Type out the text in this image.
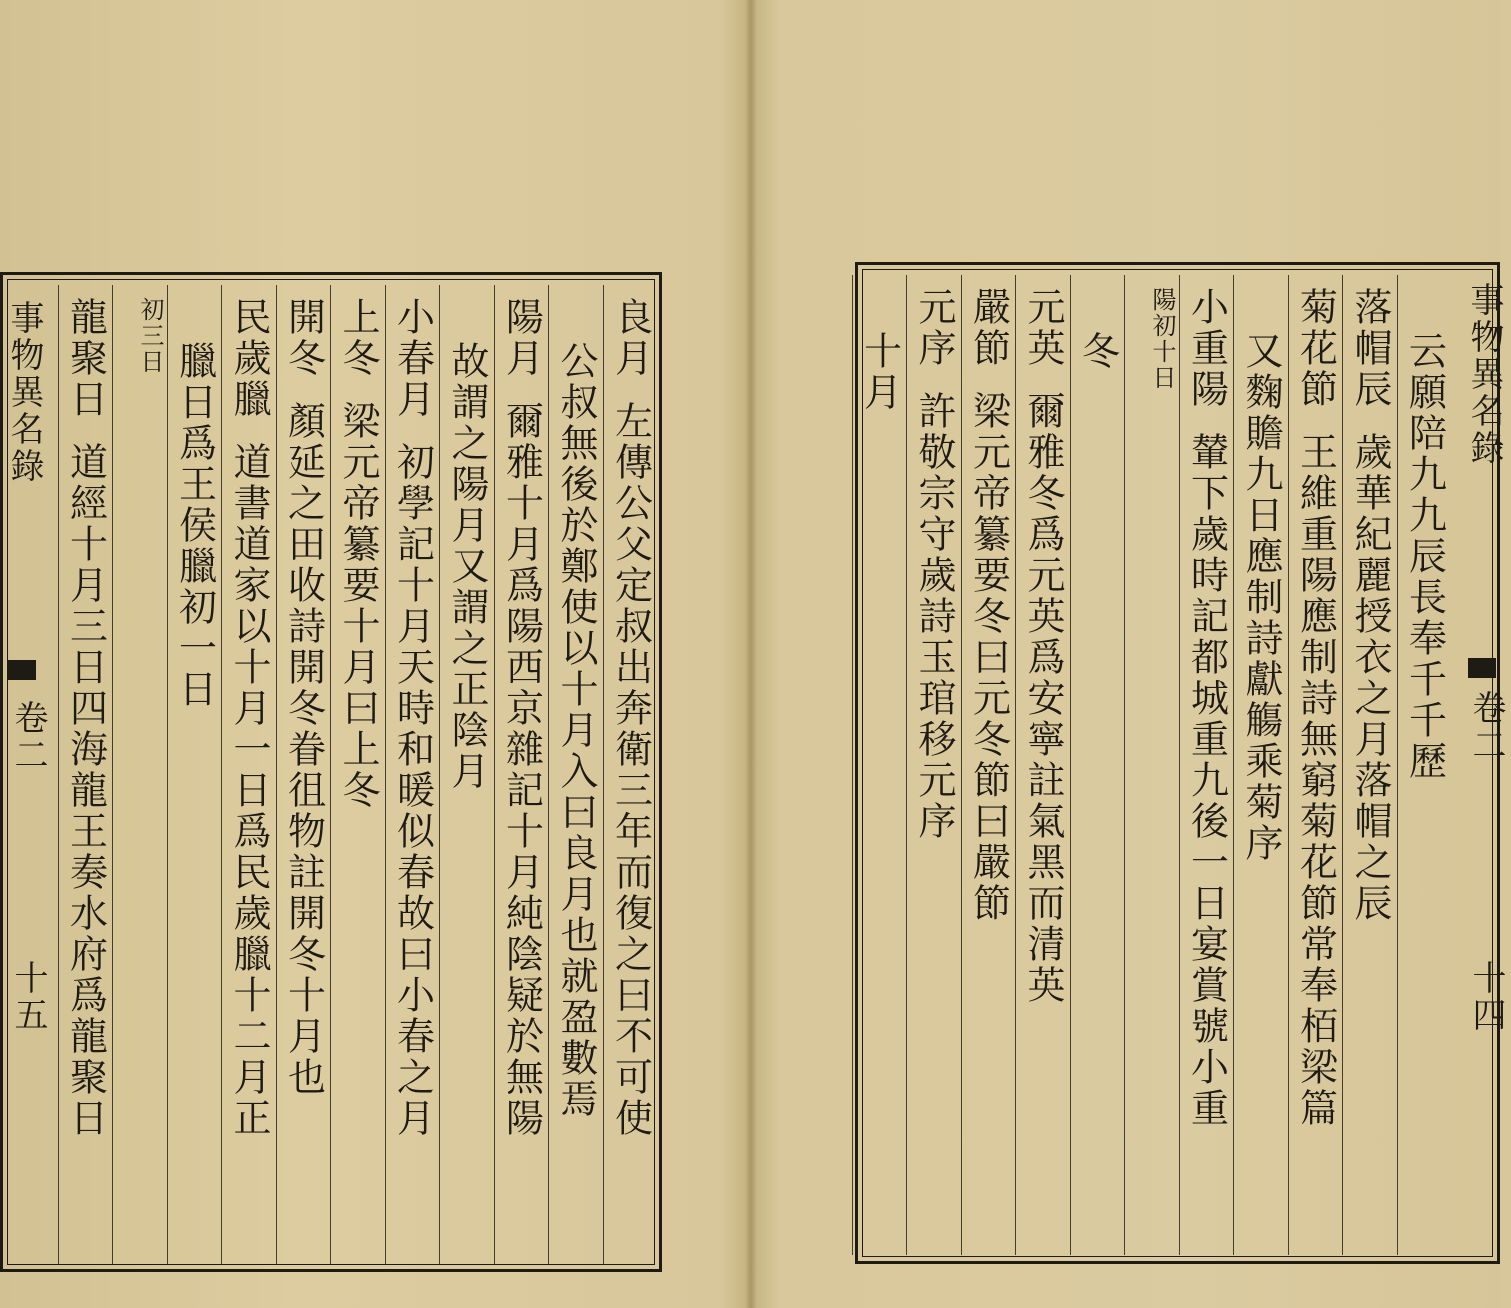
良月左傳公父定叔出奔衛三年而復之曰不可使
公叔無後於鄭使以十月入曰良月也就盈數焉
陽月爾雅十月爲陽西京雜記十月純陰疑於無陽
故謂之陽月又謂之正陰月
小春月初學記十月天時和暖似春故曰小春之月
上冬梁元帝纂要十月曰上冬
開冬顏延之田收詩開冬眷徂物註開冬十月也
民歲臘道書道家以十月一日爲民歲臘十二月正
臘日爲王侯臘初一日
初三日
龍聚日道經十月三日四海龍王奏水府爲龍聚日	云願陪九九辰長奉千千歷
落帽辰歲華紀麗授衣之月落帽之辰
菊花節王維重陽應制詩無窮菊花節常奉栢梁篇
又麴贍九日應制詩獻觴乘菊序
小重陽輦下歲時記都城重九後一日宴賞號小重
陽初十日
冬
元英爾雅冬爲元英爲安寧註氣黑而清英
嚴節梁元帝纂要冬曰元冬節曰嚴節
元序許敬宗守歲詩玉琯移元序
十月
事物異名錄
卷二
十五
事物異名錄
卷二
十四
